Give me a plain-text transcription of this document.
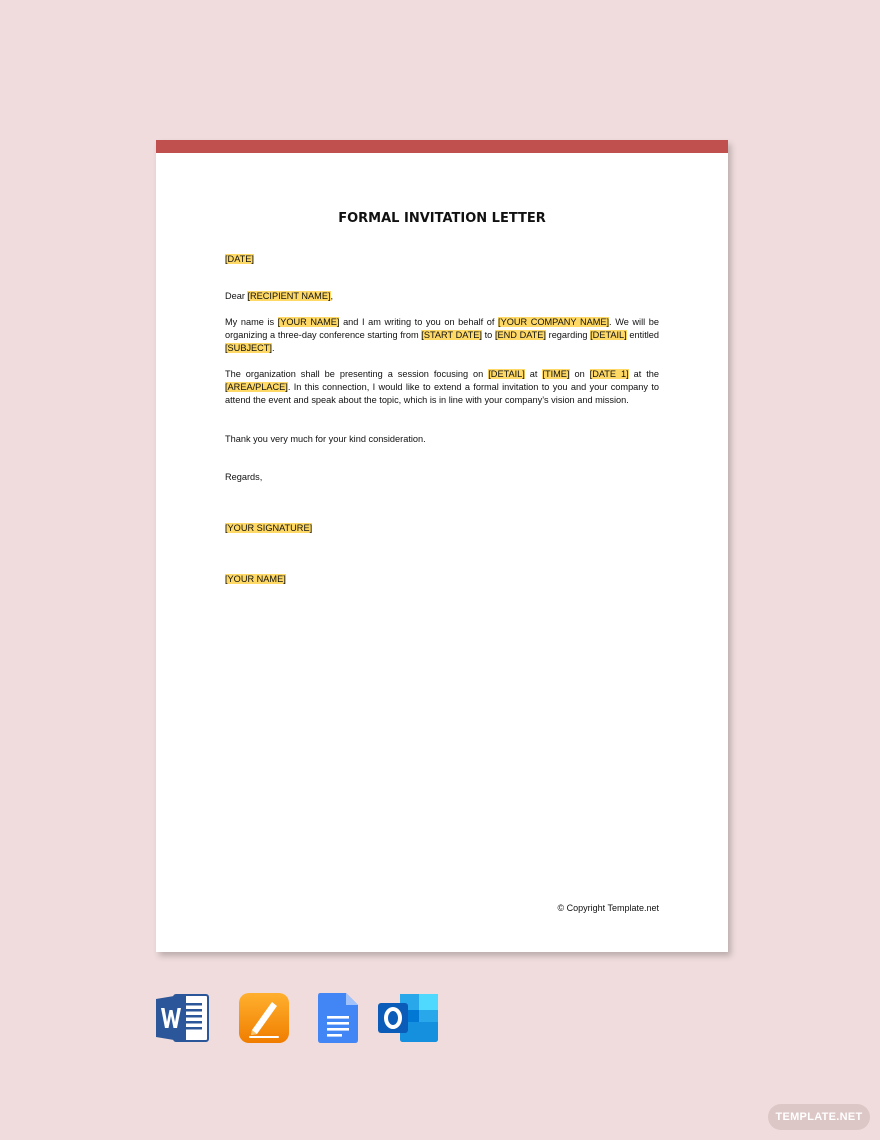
FORMAL INVITATION LETTER
[DATE]
Dear [RECIPIENT NAME],
My name is [YOUR NAME] and I am writing to you on behalf of [YOUR COMPANY NAME]. We will be organizing a three-day conference starting from [START DATE] to [END DATE] regarding [DETAIL] entitled [SUBJECT].
The organization shall be presenting a session focusing on [DETAIL] at [TIME] on [DATE 1] at the [AREA/PLACE]. In this connection, I would like to extend a formal invitation to you and your company to attend the event and speak about the topic, which is in line with your company’s vision and mission.
Thank you very much for your kind consideration.
Regards,
[YOUR SIGNATURE]
[YOUR NAME]
© Copyright Template.net
TEMPLATE.NET
